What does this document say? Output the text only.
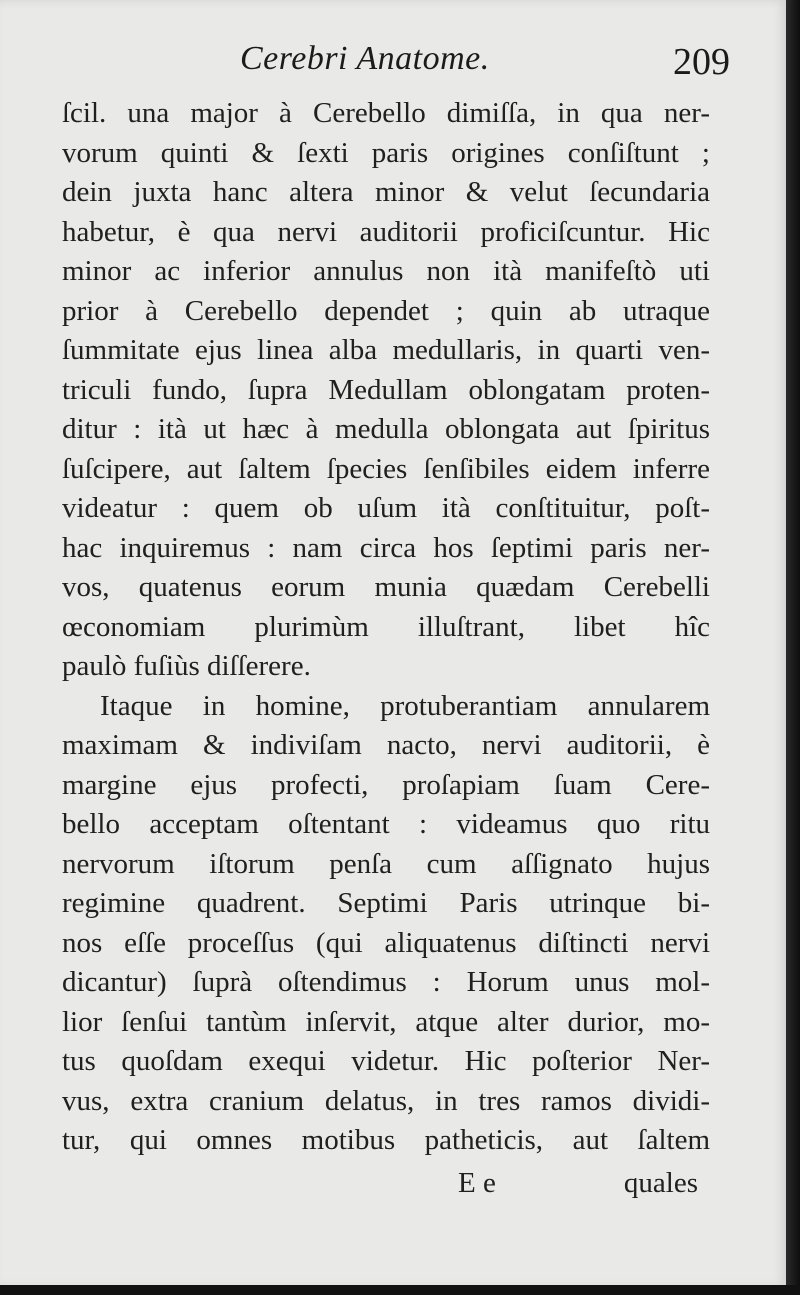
Cerebri Anatome.	209
ſcil. una major à Cerebello dimiſſa, in qua ner-
vorum quinti & ſexti paris origines conſiſtunt ;
dein juxta hanc altera minor & velut ſecundaria
habetur, è qua nervi auditorii proficiſcuntur. Hic
minor ac inferior annulus non ità manifeſtò uti
prior à Cerebello dependet ; quin ab utraque
ſummitate ejus linea alba medullaris, in quarti ven-
triculi fundo, ſupra Medullam oblongatam proten-
ditur : ità ut hæc à medulla oblongata aut ſpiritus
ſuſcipere, aut ſaltem ſpecies ſenſibiles eidem inferre
videatur : quem ob uſum ità conſtituitur, poſt-
hac inquiremus : nam circa hos ſeptimi paris ner-
vos, quatenus eorum munia quædam Cerebelli
œconomiam plurimùm illuſtrant, libet hîc
paulò fuſiùs diſſerere.
Itaque in homine, protuberantiam annularem
maximam & indiviſam nacto, nervi auditorii, è
margine ejus profecti, proſapiam ſuam Cere-
bello acceptam oſtentant : videamus quo ritu
nervorum iſtorum penſa cum aſſignato hujus
regimine quadrent. Septimi Paris utrinque bi-
nos eſſe proceſſus (qui aliquatenus diſtincti nervi
dicantur) ſuprà oſtendimus : Horum unus mol-
lior ſenſui tantùm inſervit, atque alter durior, mo-
tus quoſdam exequi videtur. Hic poſterior Ner-
vus, extra cranium delatus, in tres ramos dividi-
tur, qui omnes motibus patheticis, aut ſaltem
E e	quales
